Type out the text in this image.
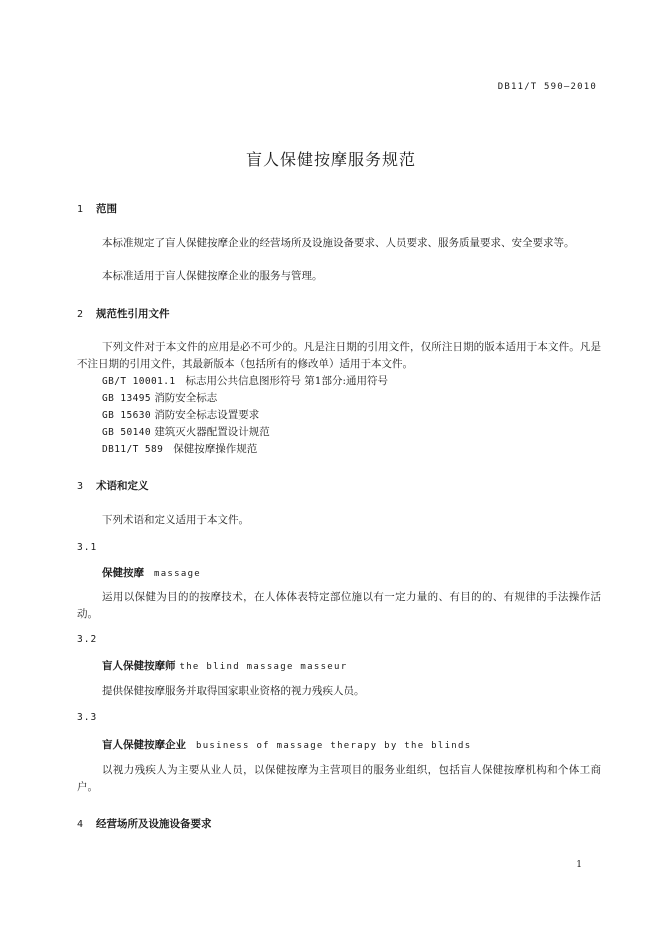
DB11/T 590—2010
盲人保健按摩服务规范
1 范围
本标准规定了盲人保健按摩企业的经营场所及设施设备要求、人员要求、服务质量要求、安全要求等。
本标准适用于盲人保健按摩企业的服务与管理。
2 规范性引用文件
下列文件对于本文件的应用是必不可少的。凡是注日期的引用文件，仅所注日期的版本适用于本文件。凡是不注日期的引用文件，其最新版本（包括所有的修改单）适用于本文件。
GB/T 10001.1 标志用公共信息图形符号 第1部分:通用符号
GB 13495 消防安全标志
GB 15630 消防安全标志设置要求
GB 50140 建筑灭火器配置设计规范
DB11/T 589 保健按摩操作规范
3 术语和定义
下列术语和定义适用于本文件。
3.1
保健按摩 massage
运用以保健为目的的按摩技术，在人体体表特定部位施以有一定力量的、有目的的、有规律的手法操作活动。
3.2
盲人保健按摩师 the blind massage masseur
提供保健按摩服务并取得国家职业资格的视力残疾人员。
3.3
盲人保健按摩企业 business of massage therapy by the blinds
以视力残疾人为主要从业人员，以保健按摩为主营项目的服务业组织，包括盲人保健按摩机构和个体工商户。
4 经营场所及设施设备要求
1
